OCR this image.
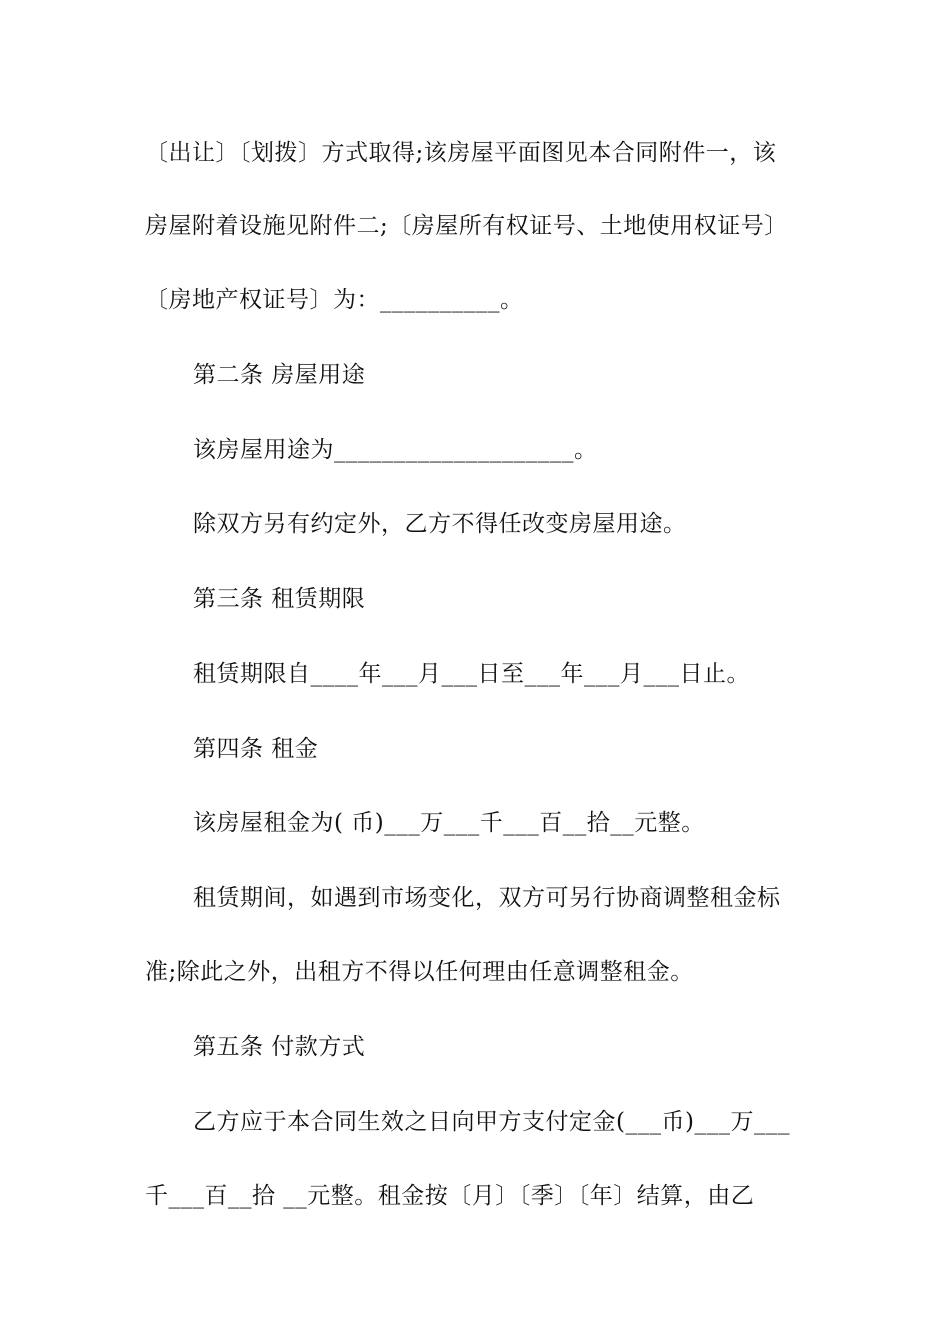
〔出让〕〔划拨〕方式取得;该房屋平面图见本合同附件一，该
房屋附着设施见附件二;〔房屋所有权证号、土地使用权证号〕
〔房地产权证号〕为：__________。
第二条 房屋用途
该房屋用途为____________________。
除双方另有约定外，乙方不得任改变房屋用途。
第三条 租赁期限
租赁期限自____年___月___日至___年___月___日止。
第四条 租金
该房屋租金为( 币)___万___千___百__拾__元整。
租赁期间，如遇到市场变化，双方可另行协商调整租金标
准;除此之外，出租方不得以任何理由任意调整租金。
第五条 付款方式
乙方应于本合同生效之日向甲方支付定金(___币)___万___
千___百__拾 __元整。租金按〔月〕〔季〕〔年〕结算，由乙
